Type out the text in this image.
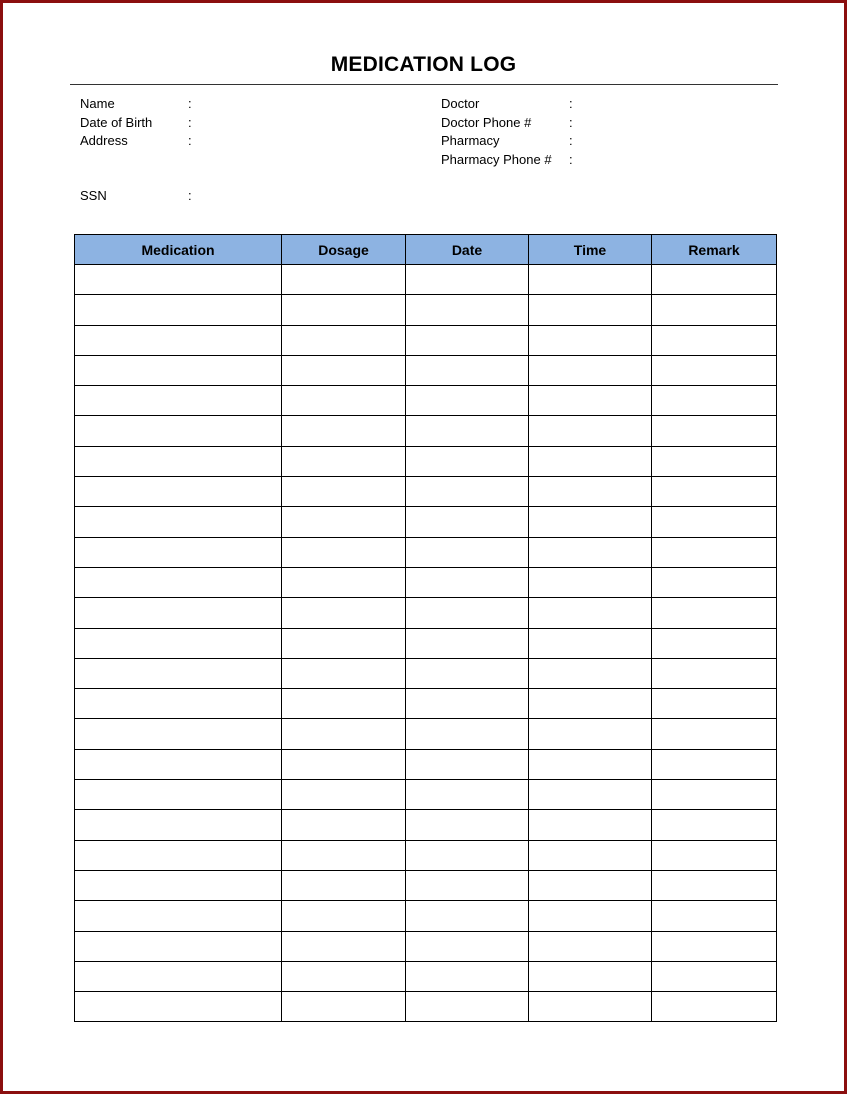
MEDICATION LOG
Name	:
Date of Birth	:
Address	:
SSN	:
Doctor	:
Doctor Phone #	:
Pharmacy	:
Pharmacy Phone # :
Medication	Dosage	Date	Time	Remark
